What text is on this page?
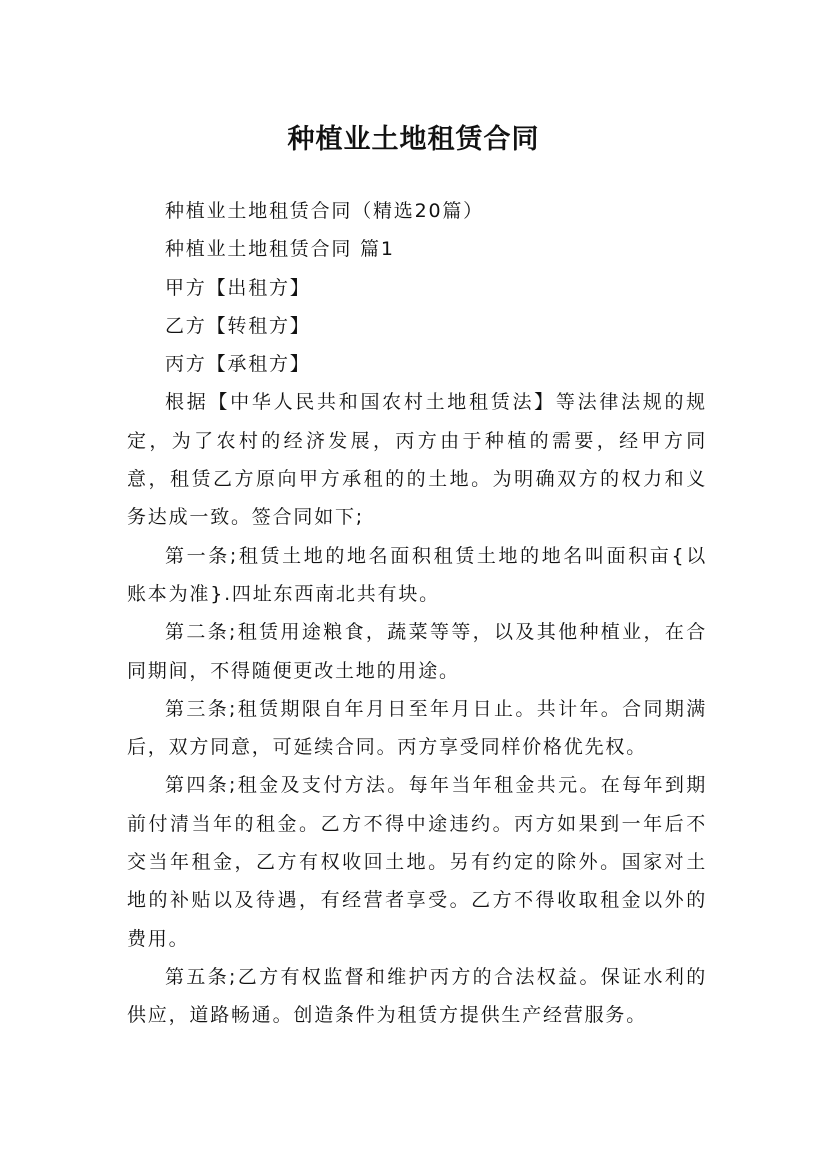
种植业土地租赁合同

种植业土地租赁合同（精选20篇）

种植业土地租赁合同 篇1

甲方【出租方】

乙方【转租方】

丙方【承租方】

根据【中华人民共和国农村土地租赁法】等法律法规的规定，为了农村的经济发展，丙方由于种植的需要，经甲方同意，租赁乙方原向甲方承租的的土地。为明确双方的权力和义务达成一致。签合同如下;

第一条;租赁土地的地名面积租赁土地的地名叫面积亩{以账本为准}.四址东西南北共有块。

第二条;租赁用途粮食，蔬菜等等，以及其他种植业，在合同期间，不得随便更改土地的用途。

第三条;租赁期限自年月日至年月日止。共计年。合同期满后，双方同意，可延续合同。丙方享受同样价格优先权。

第四条;租金及支付方法。每年当年租金共元。在每年到期前付清当年的租金。乙方不得中途违约。丙方如果到一年后不交当年租金，乙方有权收回土地。另有约定的除外。国家对土地的补贴以及待遇，有经营者享受。乙方不得收取租金以外的费用。

第五条;乙方有权监督和维护丙方的合法权益。保证水利的供应，道路畅通。创造条件为租赁方提供生产经营服务。
